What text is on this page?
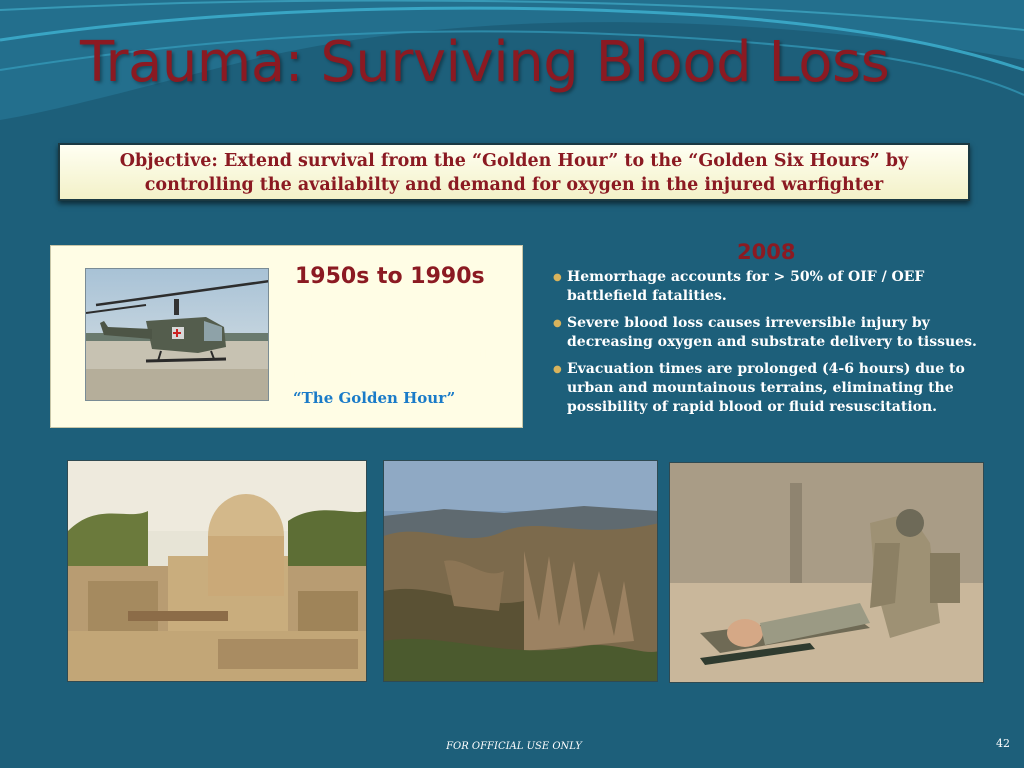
Trauma: Surviving Blood Loss
Objective: Extend survival from the “Golden Hour” to the “Golden Six Hours” by
controlling the availabilty and demand for oxygen in the injured warfighter
1950s to 1990s
Rapid evacuation
Immediate treatment with fluids and blood
“The Golden Hour”
2008
● Hemorrhage accounts for > 50% of OIF / OEF battlefield fatalities.
● Severe blood loss causes irreversible injury by decreasing oxygen and substrate delivery to tissues.
● Evacuation times are prolonged (4-6 hours) due to urban and mountainous terrains, eliminating the possibility of rapid blood or fluid resuscitation.
FOR OFFICIAL USE ONLY	42
